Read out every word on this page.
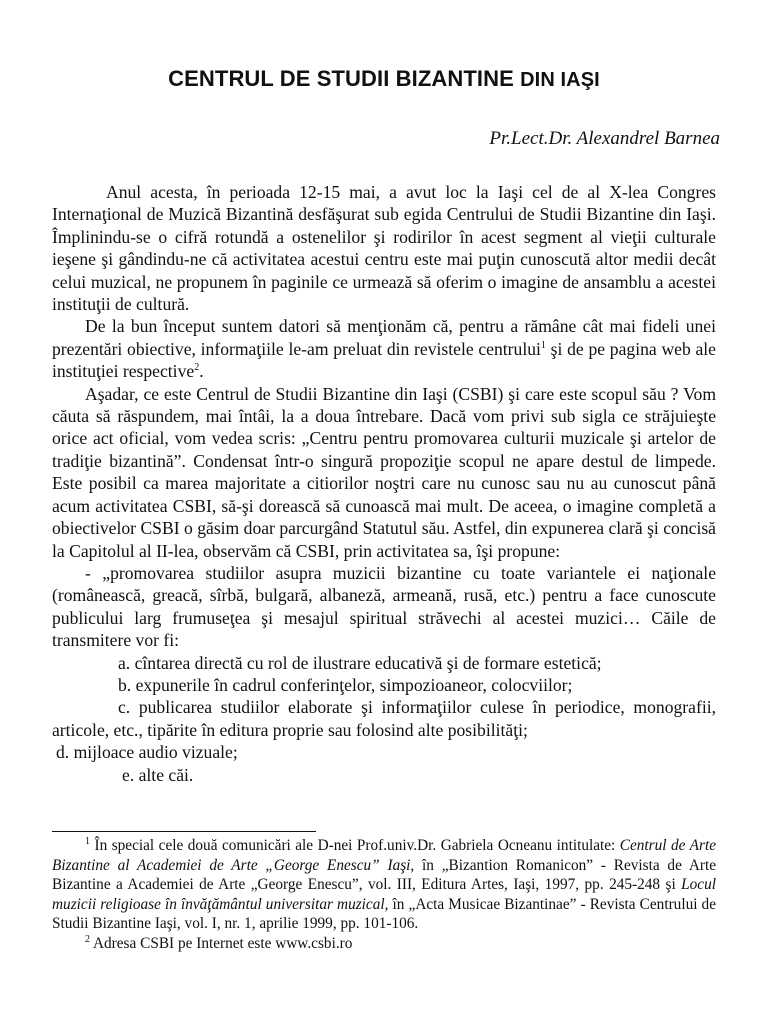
CENTRUL DE STUDII BIZANTINE DIN IAŞI

Pr.Lect.Dr. Alexandrel Barnea

Anul acesta, în perioada 12-15 mai, a avut loc la Iaşi cel de al X-lea Congres Internaţional de Muzică Bizantină desfăşurat sub egida Centrului de Studii Bizantine din Iaşi. Împlinindu-se o cifră rotundă a ostenelilor şi rodirilor în acest segment al vieţii culturale ieşene şi gândindu-ne că activitatea acestui centru este mai puţin cunoscută altor medii decât celui muzical, ne propunem în paginile ce urmează să oferim o imagine de ansamblu a acestei instituţii de cultură.

De la bun început suntem datori să menţionăm că, pentru a rămâne cât mai fideli unei prezentări obiective, informaţiile le-am preluat din revistele centrului$^1$ şi de pe pagina web ale instituţiei respective$^2$.

Aşadar, ce este Centrul de Studii Bizantine din Iaşi (CSBI) şi care este scopul său ? Vom căuta să răspundem, mai întâi, la a doua întrebare. Dacă vom privi sub sigla ce străjuieşte orice act oficial, vom vedea scris: „Centru pentru promovarea culturii muzicale şi artelor de tradiţie bizantină”. Condensat într-o singură propoziţie scopul ne apare destul de limpede. Este posibil ca marea majoritate a citiorilor noştri care nu cunosc sau nu au cunoscut până acum activitatea CSBI, să-şi dorească să cunoască mai mult. De aceea, o imagine completă a obiectivelor CSBI o găsim doar parcurgând Statutul său. Astfel, din expunerea clară şi concisă la Capitolul al II-lea, observăm că CSBI, prin activitatea sa, îşi propune:

- „promovarea studiilor asupra muzicii bizantine cu toate variantele ei naţionale (românească, greacă, sîrbă, bulgară, albaneză, armeană, rusă, etc.) pentru a face cunoscute publicului larg frumuseţea şi mesajul spiritual străvechi al acestei muzici… Căile de transmitere vor fi:

a. cîntarea directă cu rol de ilustrare educativă şi de formare estetică;

b. expunerile în cadrul conferinţelor, simpozioaneor, colocviilor;

c. publicarea studiilor elaborate şi informaţiilor culese în periodice, monografii, articole, etc., tipărite în editura proprie sau folosind alte posibilităţi;

d. mijloace audio vizuale;

e. alte căi.

$^1$ În special cele două comunicări ale D-nei Prof.univ.Dr. Gabriela Ocneanu intitulate: Centrul de Arte Bizantine al Academiei de Arte „George Enescu” Iaşi, în „Bizantion Romanicon” - Revista de Arte Bizantine a Academiei de Arte „George Enescu”, vol. III, Editura Artes, Iaşi, 1997, pp. 245-248 şi Locul muzicii religioase în învăţământul universitar muzical, în „Acta Musicae Bizantinae” - Revista Centrului de Studii Bizantine Iaşi, vol. I, nr. 1, aprilie 1999, pp. 101-106.

$^2$ Adresa CSBI pe Internet este www.csbi.ro
